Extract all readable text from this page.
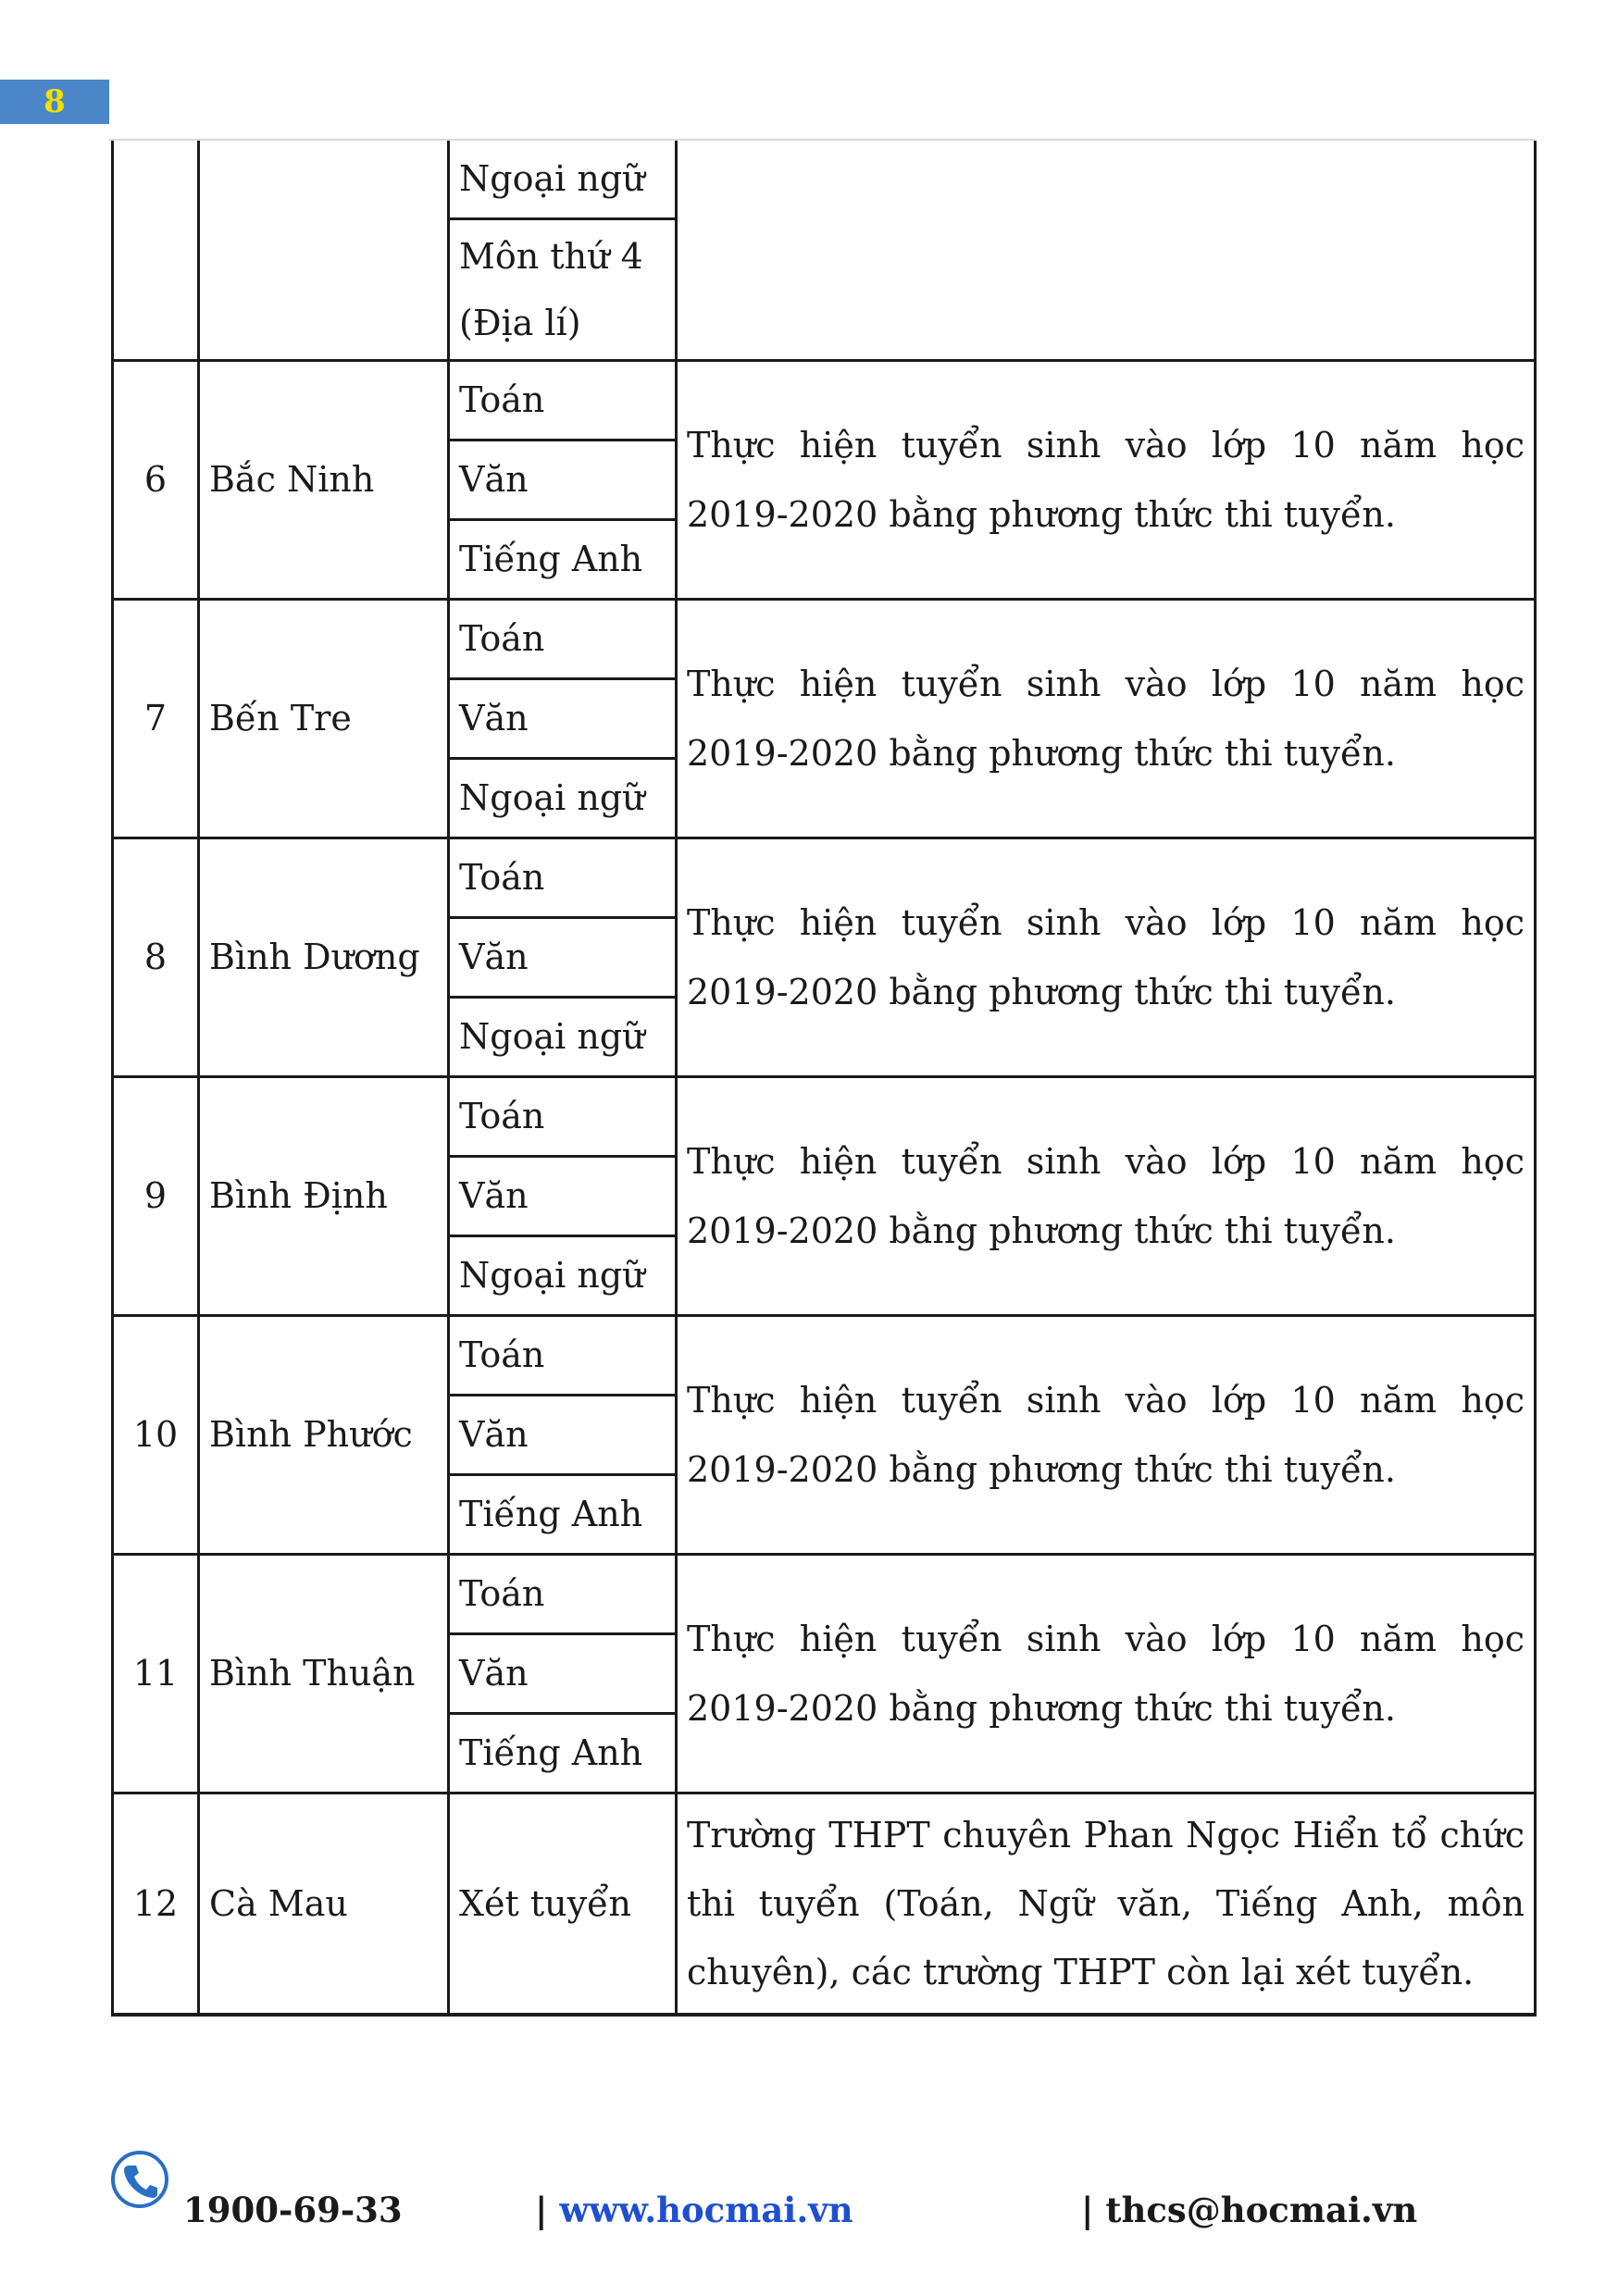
8
		Ngoại ngữ	
		Môn thứ 4 (Địa lí)	
6	Bắc Ninh	Toán	Thực hiện tuyển sinh vào lớp 10 năm học 2019-2020 bằng phương thức thi tuyển.
		Văn	
		Tiếng Anh	
7	Bến Tre	Toán	Thực hiện tuyển sinh vào lớp 10 năm học 2019-2020 bằng phương thức thi tuyển.
		Văn	
		Ngoại ngữ	
8	Bình Dương	Toán	Thực hiện tuyển sinh vào lớp 10 năm học 2019-2020 bằng phương thức thi tuyển.
		Văn	
		Ngoại ngữ	
9	Bình Định	Toán	Thực hiện tuyển sinh vào lớp 10 năm học 2019-2020 bằng phương thức thi tuyển.
		Văn	
		Ngoại ngữ	
10	Bình Phước	Toán	Thực hiện tuyển sinh vào lớp 10 năm học 2019-2020 bằng phương thức thi tuyển.
		Văn	
		Tiếng Anh	
11	Bình Thuận	Toán	Thực hiện tuyển sinh vào lớp 10 năm học 2019-2020 bằng phương thức thi tuyển.
		Văn	
		Tiếng Anh	
12	Cà Mau	Xét tuyển	Trường THPT chuyên Phan Ngọc Hiển tổ chức thi tuyển (Toán, Ngữ văn, Tiếng Anh, môn chuyên), các trường THPT còn lại xét tuyển.
1900-69-33	| www.hocmai.vn	| thcs@hocmai.vn
